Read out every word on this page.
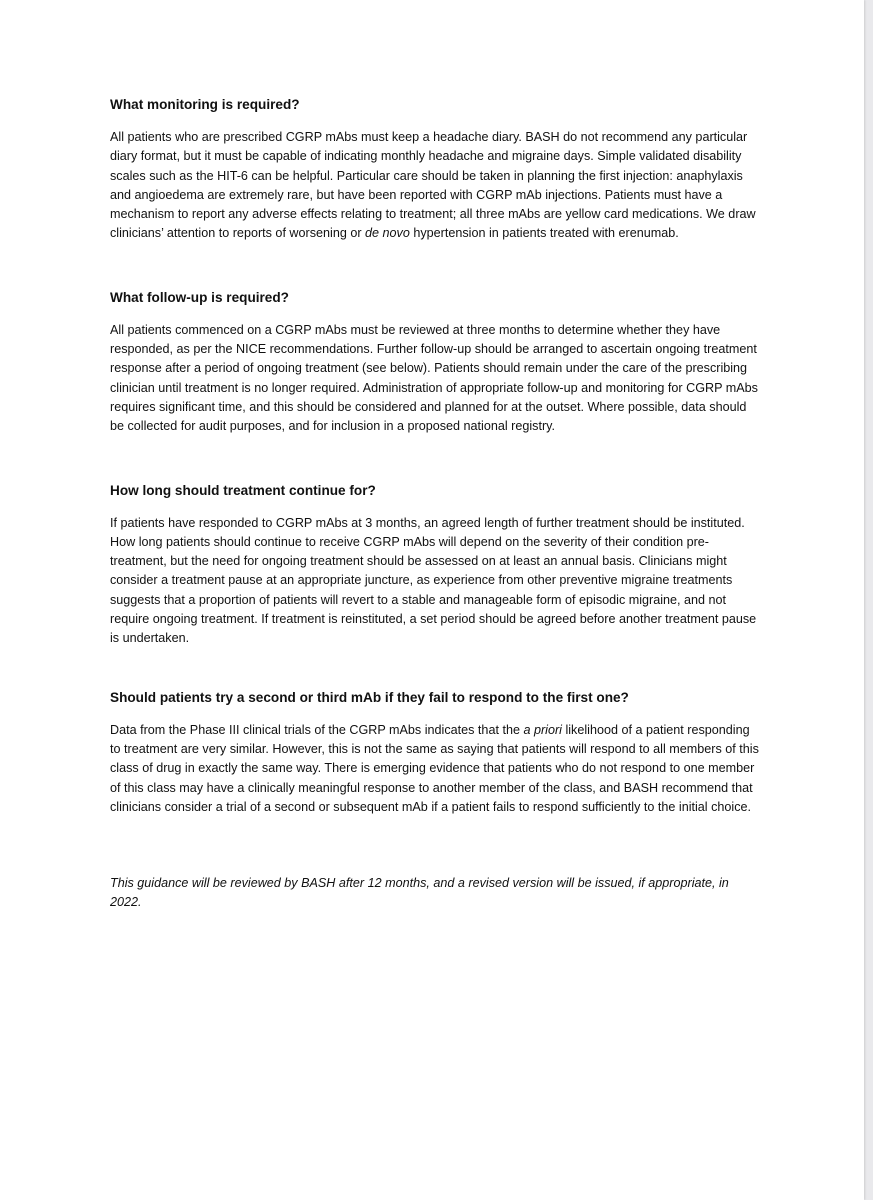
What monitoring is required?

All patients who are prescribed CGRP mAbs must keep a headache diary. BASH do not recommend any particular diary format, but it must be capable of indicating monthly headache and migraine days. Simple validated disability scales such as the HIT-6 can be helpful. Particular care should be taken in planning the first injection: anaphylaxis and angioedema are extremely rare, but have been reported with CGRP mAb injections. Patients must have a mechanism to report any adverse effects relating to treatment; all three mAbs are yellow card medications. We draw clinicians’ attention to reports of worsening or de novo hypertension in patients treated with erenumab.

What follow-up is required?

All patients commenced on a CGRP mAbs must be reviewed at three months to determine whether they have responded, as per the NICE recommendations. Further follow-up should be arranged to ascertain ongoing treatment response after a period of ongoing treatment (see below). Patients should remain under the care of the prescribing clinician until treatment is no longer required. Administration of appropriate follow-up and monitoring for CGRP mAbs requires significant time, and this should be considered and planned for at the outset. Where possible, data should be collected for audit purposes, and for inclusion in a proposed national registry.

How long should treatment continue for?

If patients have responded to CGRP mAbs at 3 months, an agreed length of further treatment should be instituted. How long patients should continue to receive CGRP mAbs will depend on the severity of their condition pre-treatment, but the need for ongoing treatment should be assessed on at least an annual basis. Clinicians might consider a treatment pause at an appropriate juncture, as experience from other preventive migraine treatments suggests that a proportion of patients will revert to a stable and manageable form of episodic migraine, and not require ongoing treatment. If treatment is reinstituted, a set period should be agreed before another treatment pause is undertaken.

Should patients try a second or third mAb if they fail to respond to the first one?

Data from the Phase III clinical trials of the CGRP mAbs indicates that the a priori likelihood of a patient responding to treatment are very similar. However, this is not the same as saying that patients will respond to all members of this class of drug in exactly the same way. There is emerging evidence that patients who do not respond to one member of this class may have a clinically meaningful response to another member of the class, and BASH recommend that clinicians consider a trial of a second or subsequent mAb if a patient fails to respond sufficiently to the initial choice.

This guidance will be reviewed by BASH after 12 months, and a revised version will be issued, if appropriate, in 2022.
